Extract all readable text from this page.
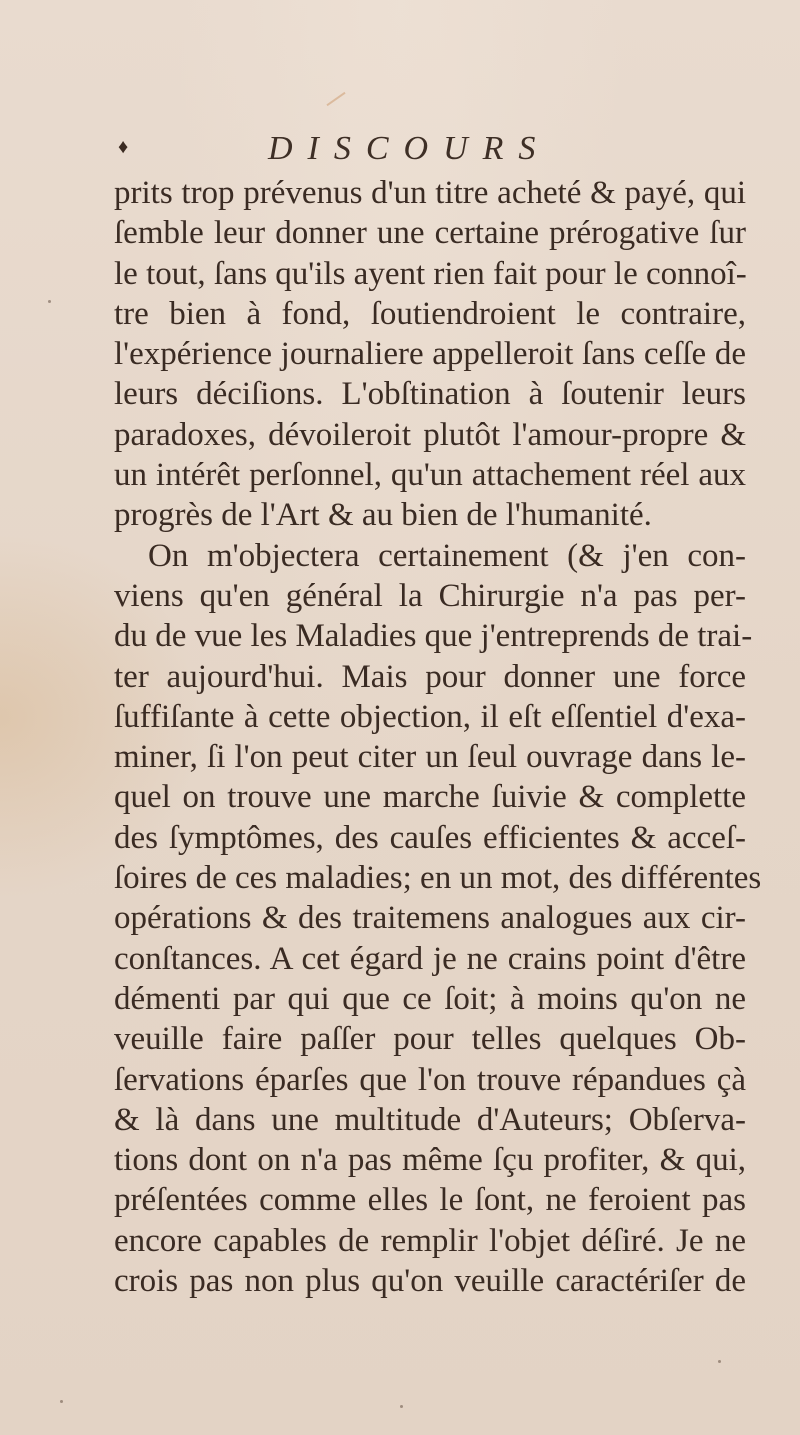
♦	DISCOURS
prits trop prévenus d'un titre acheté & payé, qui
ſemble leur donner une certaine prérogative ſur
le tout, ſans qu'ils ayent rien fait pour le connoî-
tre bien à fond, ſoutiendroient le contraire,
l'expérience journaliere appelleroit ſans ceſſe de
leurs déciſions. L'obſtination à ſoutenir leurs
paradoxes, dévoileroit plutôt l'amour-propre &
un intérêt perſonnel, qu'un attachement réel aux
progrès de l'Art & au bien de l'humanité.
On m'objectera certainement (& j'en con-
viens qu'en général la Chirurgie n'a pas per-
du de vue les Maladies que j'entreprends de trai-
ter aujourd'hui. Mais pour donner une force
ſuffiſante à cette objection, il eſt eſſentiel d'exa-
miner, ſi l'on peut citer un ſeul ouvrage dans le-
quel on trouve une marche ſuivie & complette
des ſymptômes, des cauſes efficientes & acceſ-
ſoires de ces maladies; en un mot, des différentes
opérations & des traitemens analogues aux cir-
conſtances. A cet égard je ne crains point d'être
démenti par qui que ce ſoit; à moins qu'on ne
veuille faire paſſer pour telles quelques Ob-
ſervations éparſes que l'on trouve répandues çà
& là dans une multitude d'Auteurs; Obſerva-
tions dont on n'a pas même ſçu profiter, & qui,
préſentées comme elles le ſont, ne feroient pas
encore capables de remplir l'objet déſiré. Je ne
crois pas non plus qu'on veuille caractériſer de
